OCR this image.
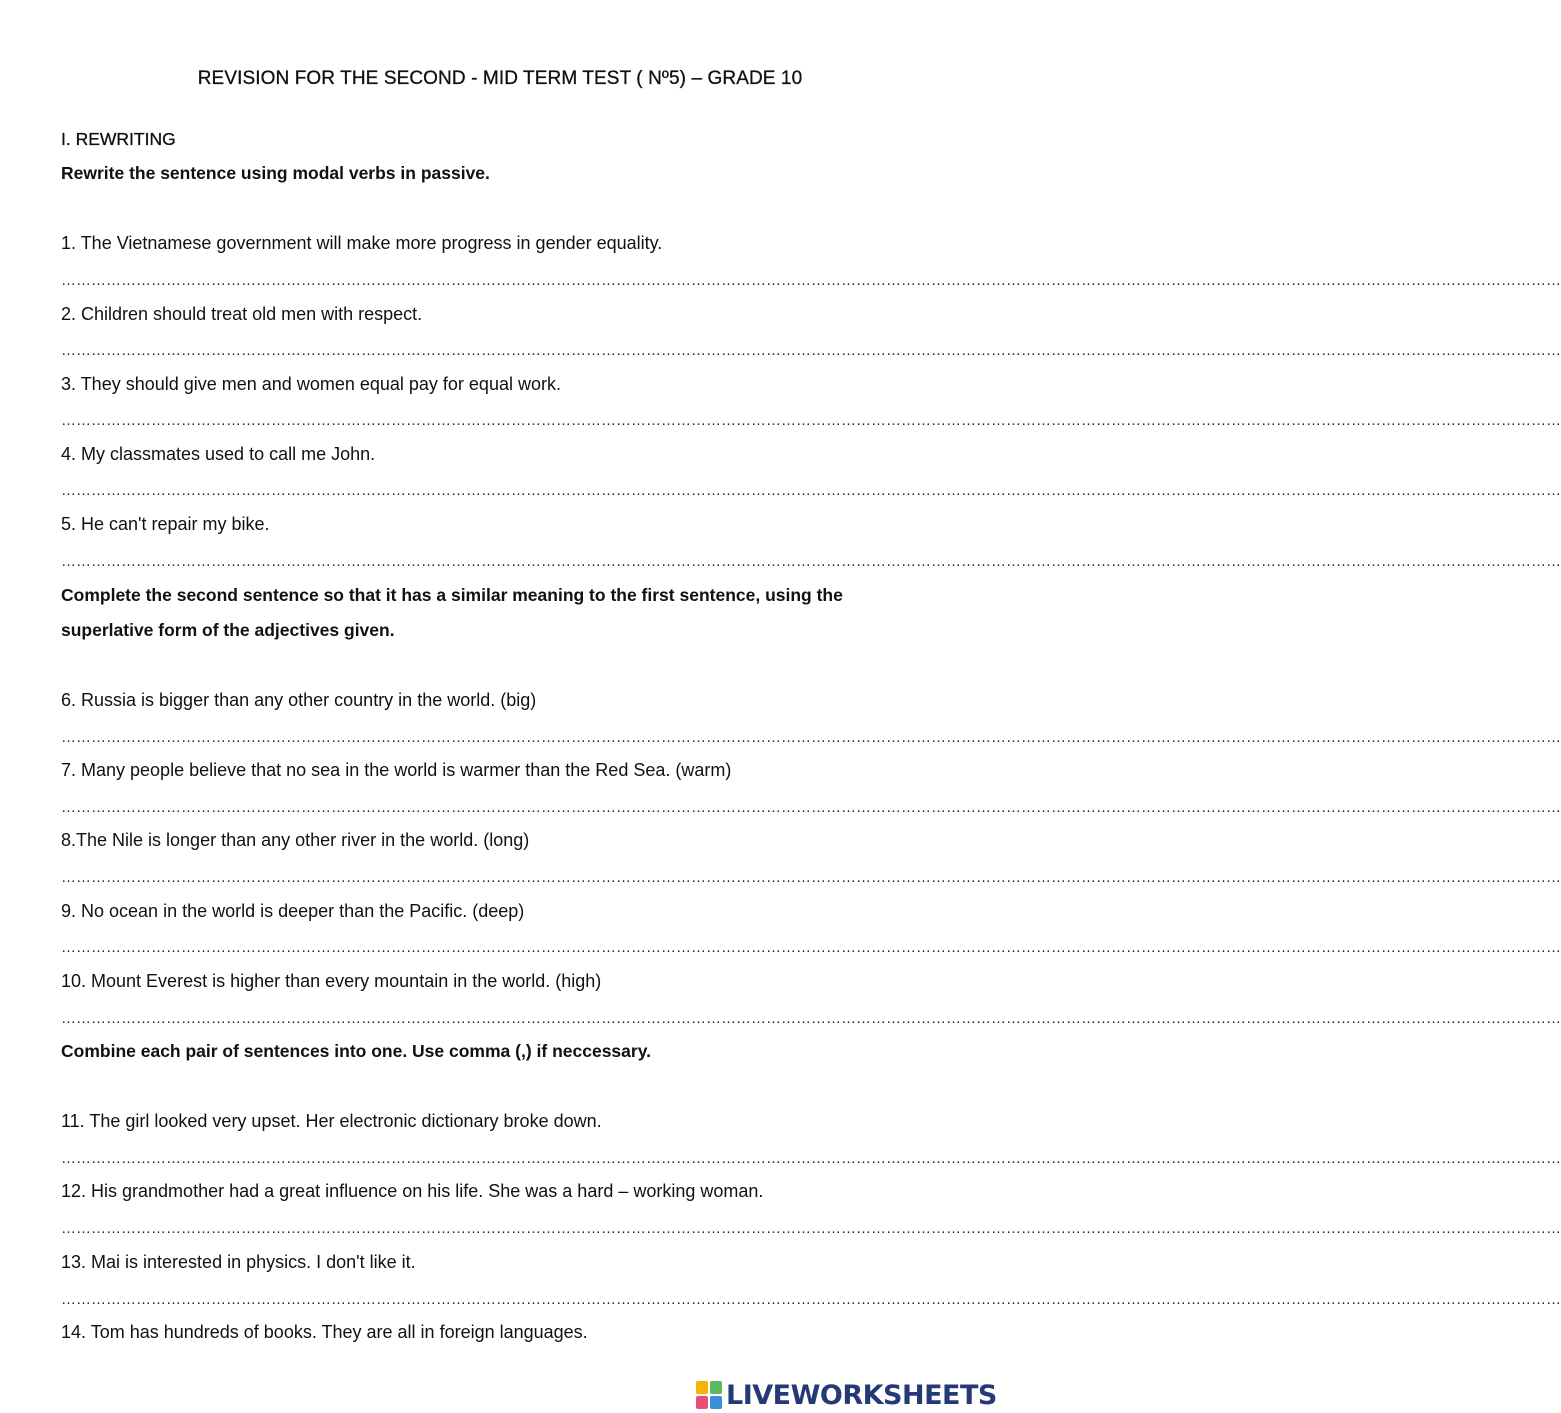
REVISION FOR THE SECOND - MID TERM TEST ( Nº5) – GRADE 10
I. REWRITING
Rewrite the sentence using modal verbs in passive.
1. The Vietnamese government will make more progress in gender equality.
…………………………………………………………………………………………………………………………………………………………………………………………………………………………………………………………………………
2. Children should treat old men with respect.
…………………………………………………………………………………………………………………………………………………………………………………………………………………………………………………………………………
3. They should give men and women equal pay for equal work.
…………………………………………………………………………………………………………………………………………………………………………………………………………………………………………………………………………
4. My classmates used to call me John.
…………………………………………………………………………………………………………………………………………………………………………………………………………………………………………………………………………
5. He can't repair my bike.
…………………………………………………………………………………………………………………………………………………………………………………………………………………………………………………………………………
Complete the second sentence so that it has a similar meaning to the first sentence, using the superlative form of the adjectives given.
6. Russia is bigger than any other country in the world. (big)
…………………………………………………………………………………………………………………………………………………………………………………………………………………………………………………………………………
7. Many people believe that no sea in the world is warmer than the Red Sea. (warm)
…………………………………………………………………………………………………………………………………………………………………………………………………………………………………………………………………………
8.The Nile is longer than any other river in the world. (long)
…………………………………………………………………………………………………………………………………………………………………………………………………………………………………………………………………………
9. No ocean in the world is deeper than the Pacific. (deep)
…………………………………………………………………………………………………………………………………………………………………………………………………………………………………………………………………………
10. Mount Everest is higher than every mountain in the world. (high)
…………………………………………………………………………………………………………………………………………………………………………………………………………………………………………………………………………
Combine each pair of sentences into one. Use comma (,) if neccessary.
11. The girl looked very upset. Her electronic dictionary broke down.
…………………………………………………………………………………………………………………………………………………………………………………………………………………………………………………………………………
12. His grandmother had a great influence on his life. She was a hard – working woman.
…………………………………………………………………………………………………………………………………………………………………………………………………………………………………………………………………………
13. Mai is interested in physics. I don't like it.
…………………………………………………………………………………………………………………………………………………………………………………………………………………………………………………………………………
14. Tom has hundreds of books. They are all in foreign languages.
LIVEWORKSHEETS
